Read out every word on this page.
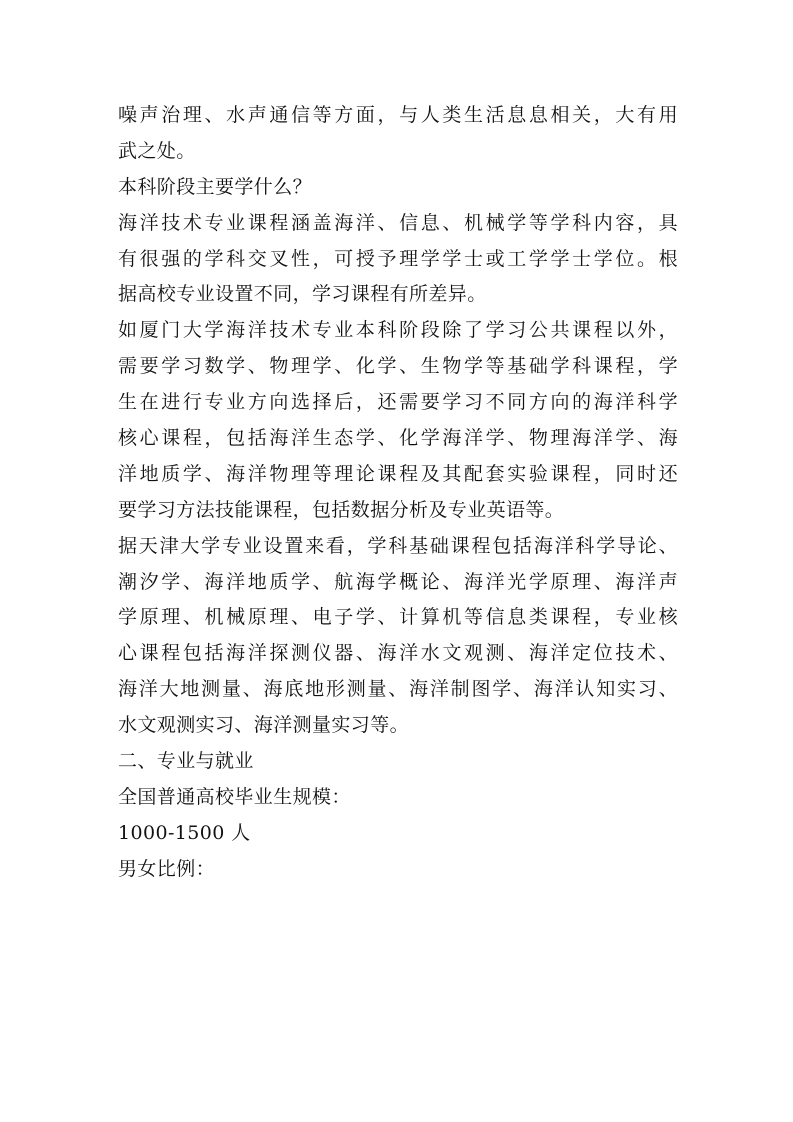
噪声治理、水声通信等方面，与人类生活息息相关，大有用
武之处。
本科阶段主要学什么？
海洋技术专业课程涵盖海洋、信息、机械学等学科内容，具
有很强的学科交叉性，可授予理学学士或工学学士学位。根
据高校专业设置不同，学习课程有所差异。
如厦门大学海洋技术专业本科阶段除了学习公共课程以外，
需要学习数学、物理学、化学、生物学等基础学科课程，学
生在进行专业方向选择后，还需要学习不同方向的海洋科学
核心课程，包括海洋生态学、化学海洋学、物理海洋学、海
洋地质学、海洋物理等理论课程及其配套实验课程，同时还
要学习方法技能课程，包括数据分析及专业英语等。
据天津大学专业设置来看，学科基础课程包括海洋科学导论、
潮汐学、海洋地质学、航海学概论、海洋光学原理、海洋声
学原理、机械原理、电子学、计算机等信息类课程，专业核
心课程包括海洋探测仪器、海洋水文观测、海洋定位技术、
海洋大地测量、海底地形测量、海洋制图学、海洋认知实习、
水文观测实习、海洋测量实习等。
二、专业与就业
全国普通高校毕业生规模：
1000-1500 人
男女比例：
